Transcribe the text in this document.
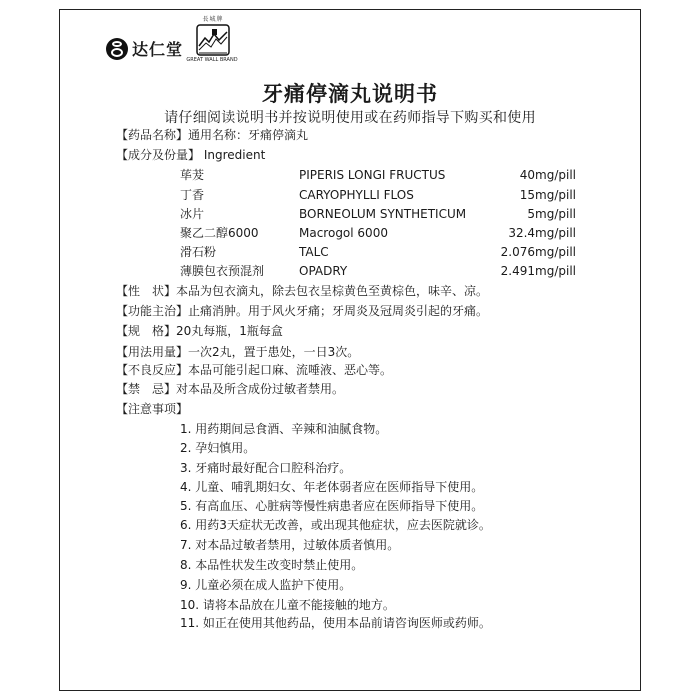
达仁堂
長城牌
GREAT WALL BRAND
牙痛停滴丸说明书
请仔细阅读说明书并按说明使用或在药师指导下购买和使用
【药品名称】通用名称：牙痛停滴丸
【成分及份量】 Ingredient
荜茇	PIPERIS LONGI FRUCTUS	40mg/pill
丁香	CARYOPHYLLI FLOS	15mg/pill
冰片	BORNEOLUM SYNTHETICUM	5mg/pill
聚乙二醇6000	Macrogol 6000	32.4mg/pill
滑石粉	TALC	2.076mg/pill
薄膜包衣预混剂	OPADRY	2.491mg/pill
【性　状】本品为包衣滴丸，除去包衣呈棕黄色至黄棕色，味辛、凉。
【功能主治】止痛消肿。用于风火牙痛；牙周炎及冠周炎引起的牙痛。
【规　格】20丸每瓶，1瓶每盒
【用法用量】一次2丸，置于患处，一日3次。
【不良反应】本品可能引起口麻、流唾液、恶心等。
【禁　忌】对本品及所含成份过敏者禁用。
【注意事项】
1. 用药期间忌食酒、辛辣和油腻食物。
2. 孕妇慎用。
3. 牙痛时最好配合口腔科治疗。
4. 儿童、哺乳期妇女、年老体弱者应在医师指导下使用。
5. 有高血压、心脏病等慢性病患者应在医师指导下使用。
6. 用药3天症状无改善，或出现其他症状，应去医院就诊。
7. 对本品过敏者禁用，过敏体质者慎用。
8. 本品性状发生改变时禁止使用。
9. 儿童必须在成人监护下使用。
10. 请将本品放在儿童不能接触的地方。
11. 如正在使用其他药品，使用本品前请咨询医师或药师。
